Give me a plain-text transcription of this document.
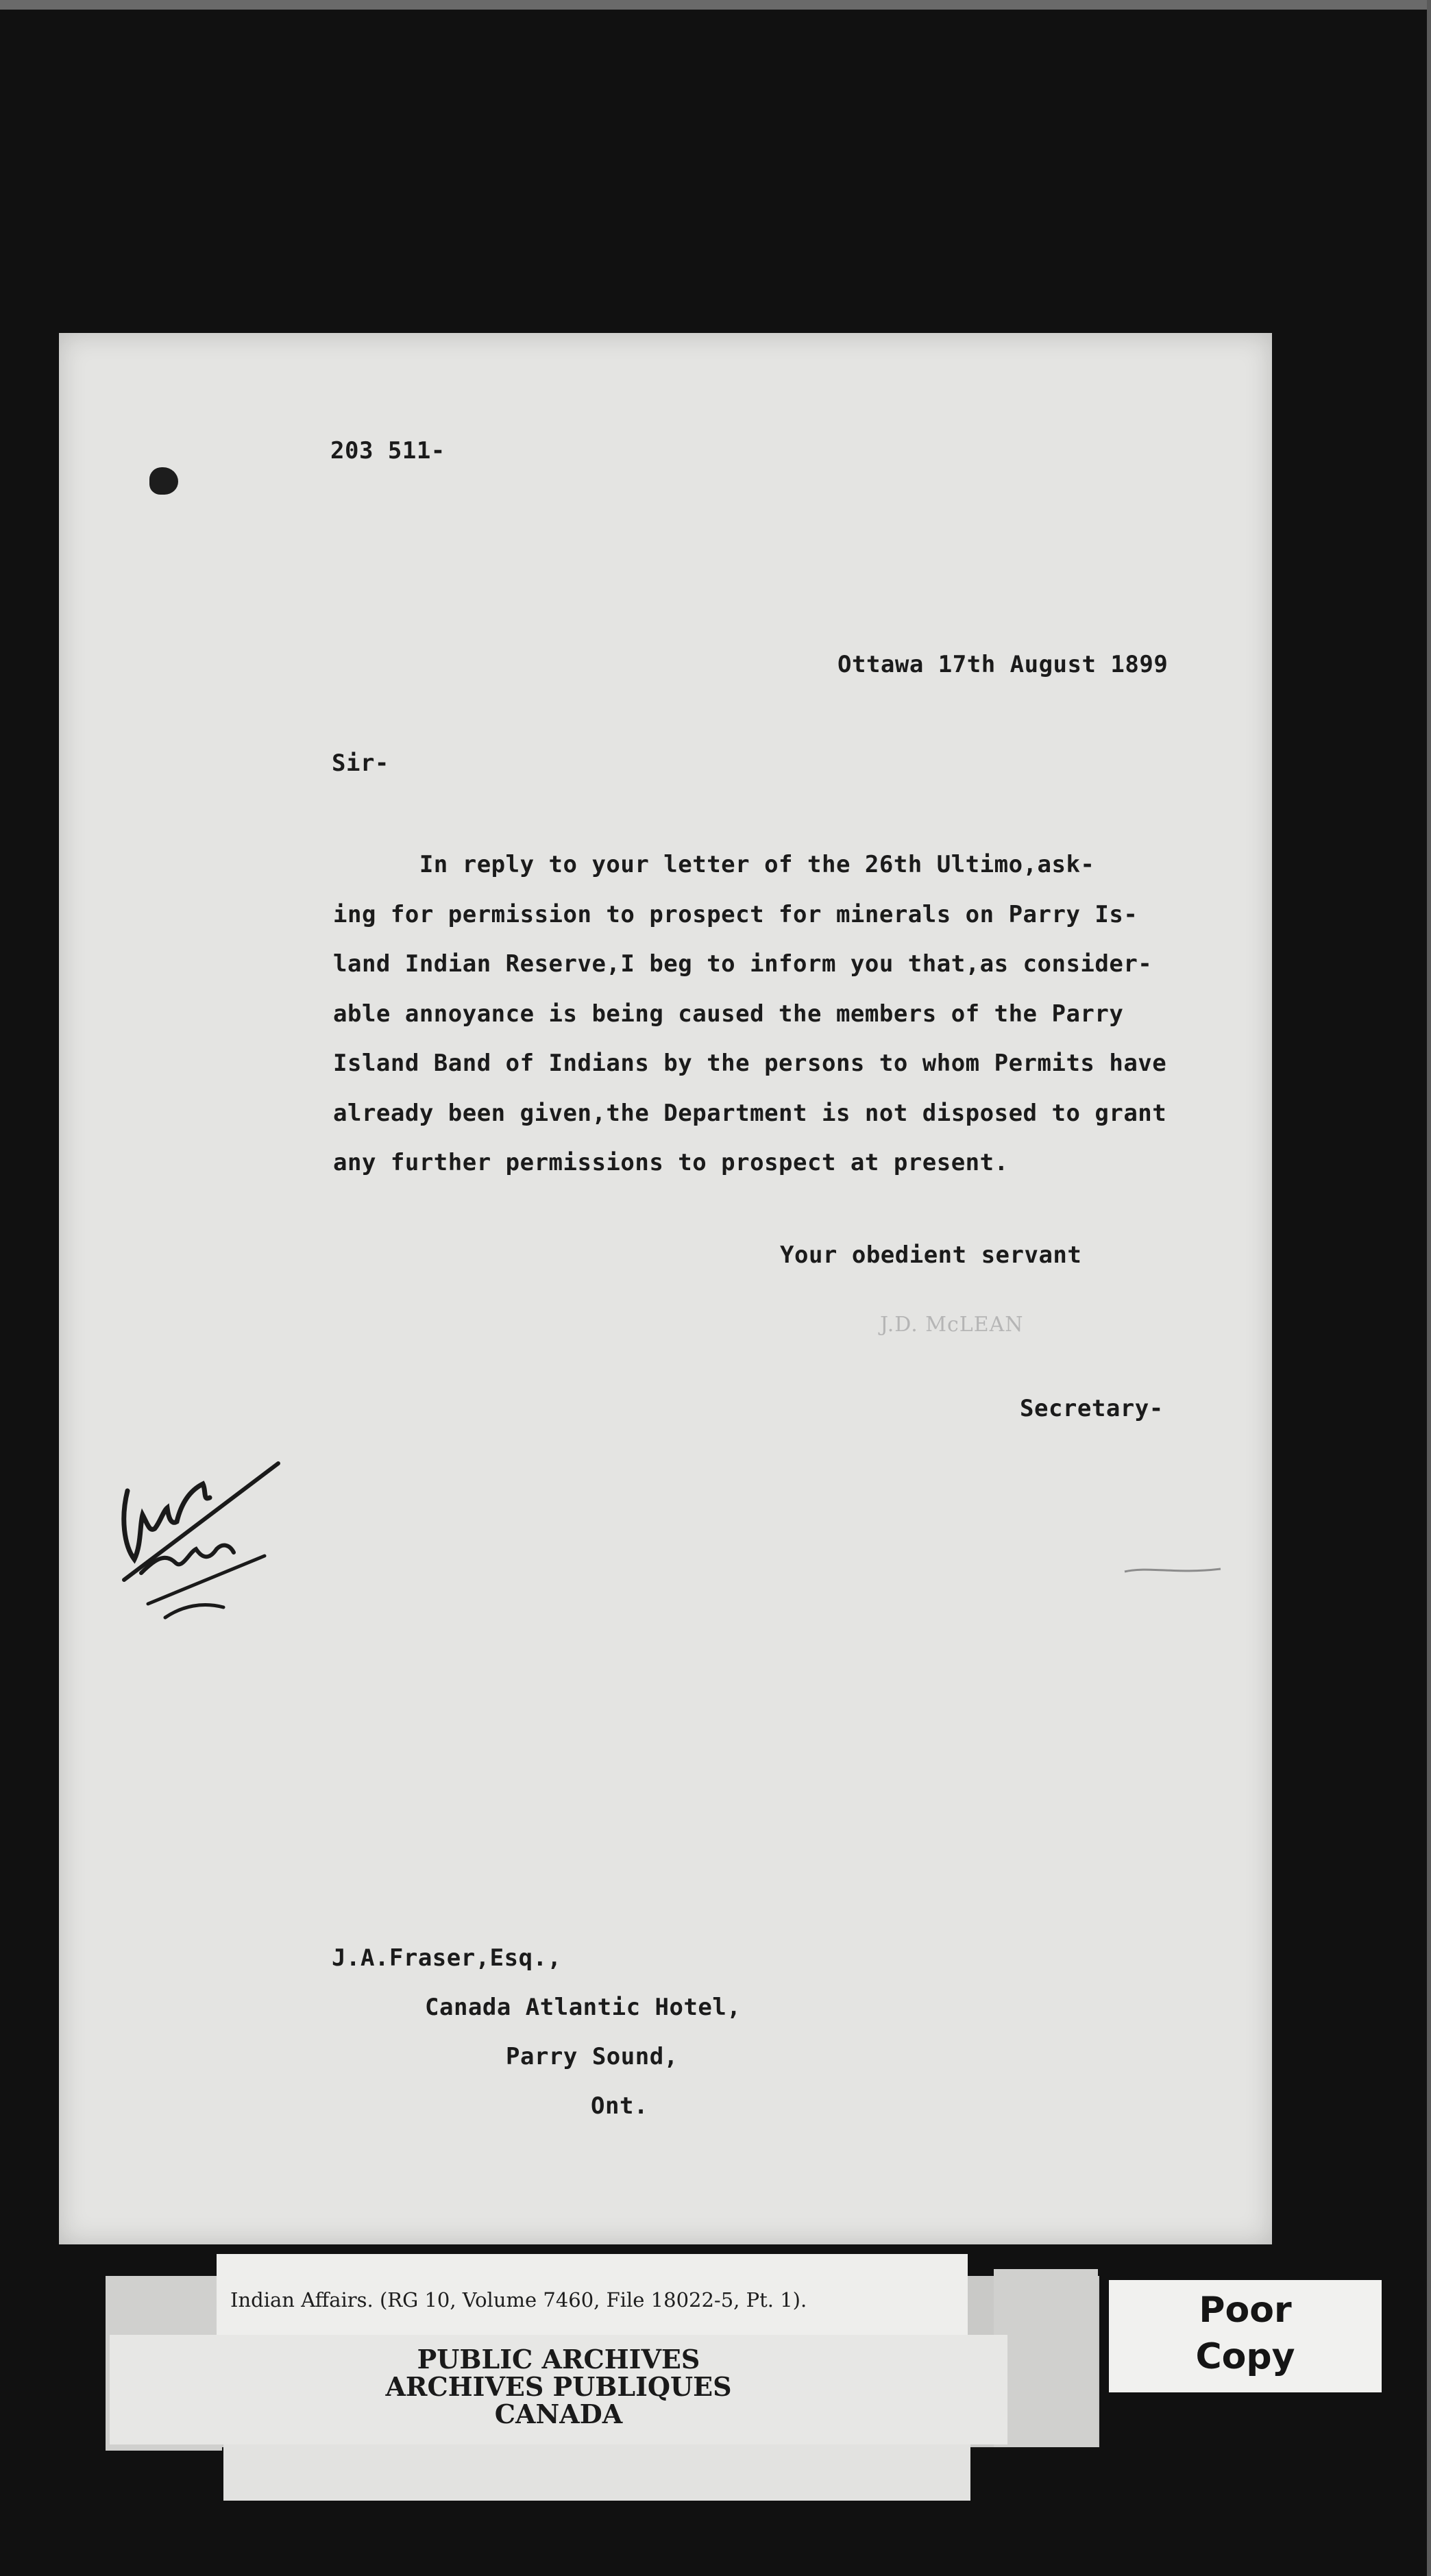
203 511-

Ottawa 17th August 1899

Sir-

In reply to your letter of the 26th Ultimo,ask-
ing for permission to prospect for minerals on Parry Is-
land Indian Reserve,I beg to inform you that,as consider-
able annoyance is being caused the members of the Parry
Island Band of Indians by the persons to whom Permits have
already been given,the Department is not disposed to grant
any further permissions to prospect at present.

Your obedient servant

J.D. McLEAN

Secretary-

J.A.Fraser,Esq.,
Canada Atlantic Hotel,
Parry Sound,
Ont.

Indian Affairs. (RG 10, Volume 7460, File 18022-5, Pt. 1).

PUBLIC ARCHIVES
ARCHIVES PUBLIQUES
CANADA

Poor
Copy
